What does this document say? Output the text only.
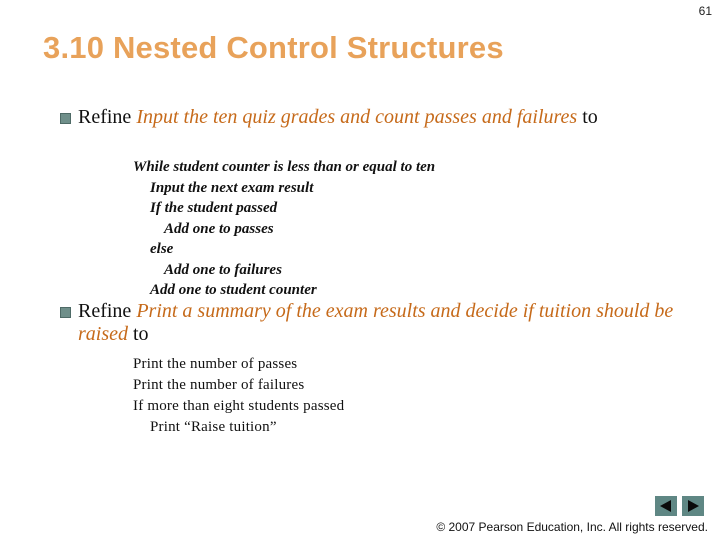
61
3.10 Nested Control Structures
Refine Input the ten quiz grades and count passes and failures to
While student counter is less than or equal to ten
Input the next exam result
If the student passed
Add one to passes
else
Add one to failures
Add one to student counter
Refine Print a summary of the exam results and decide if tuition should be raised to
Print the number of passes
Print the number of failures
If more than eight students passed
Print “Raise tuition”
© 2007 Pearson Education, Inc. All rights reserved.
